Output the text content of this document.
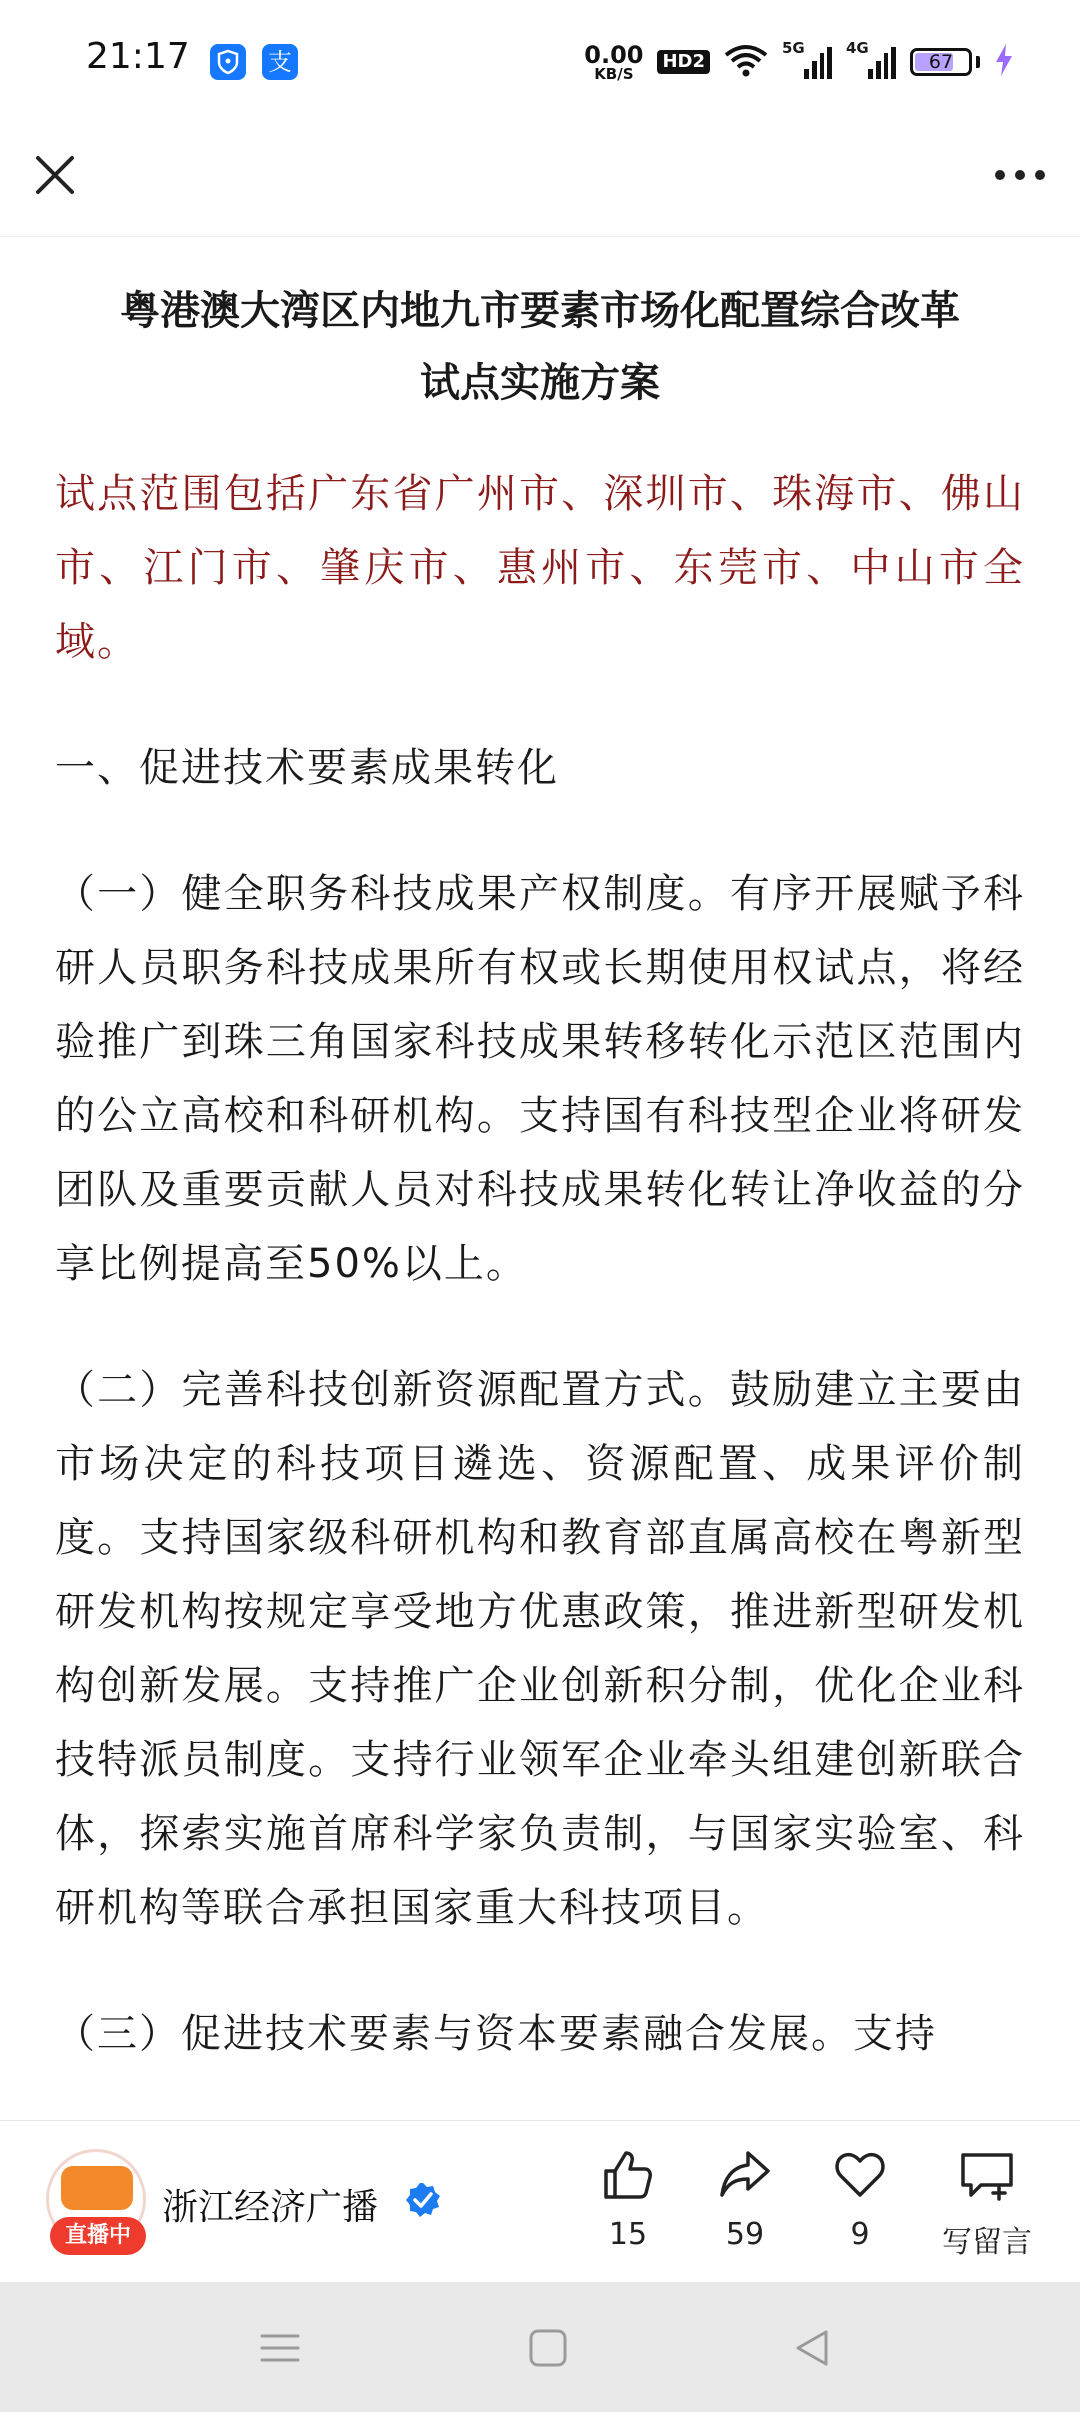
21:17	支	0.00
KB/S
HD2
5G	4G
67
粤港澳大湾区内地九市要素市场化配置综合改革
试点实施方案

试点范围包括广东省广州市、深圳市、珠海市、佛山市、江门市、肇庆市、惠州市、东莞市、中山市全域。

一、促进技术要素成果转化

（一）健全职务科技成果产权制度。有序开展赋予科研人员职务科技成果所有权或长期使用权试点，将经验推广到珠三角国家科技成果转移转化示范区范围内的公立高校和科研机构。支持国有科技型企业将研发团队及重要贡献人员对科技成果转化转让净收益的分享比例提高至50%以上。

（二）完善科技创新资源配置方式。鼓励建立主要由市场决定的科技项目遴选、资源配置、成果评价制度。支持国家级科研机构和教育部直属高校在粤新型研发机构按规定享受地方优惠政策，推进新型研发机构创新发展。支持推广企业创新积分制，优化企业科技特派员制度。支持行业领军企业牵头组建创新联合体，探索实施首席科学家负责制，与国家实验室、科研机构等联合承担国家重大科技项目。

（三）促进技术要素与资本要素融合发展。支持

直播中
浙江经济广播
15	59	9	写留言
